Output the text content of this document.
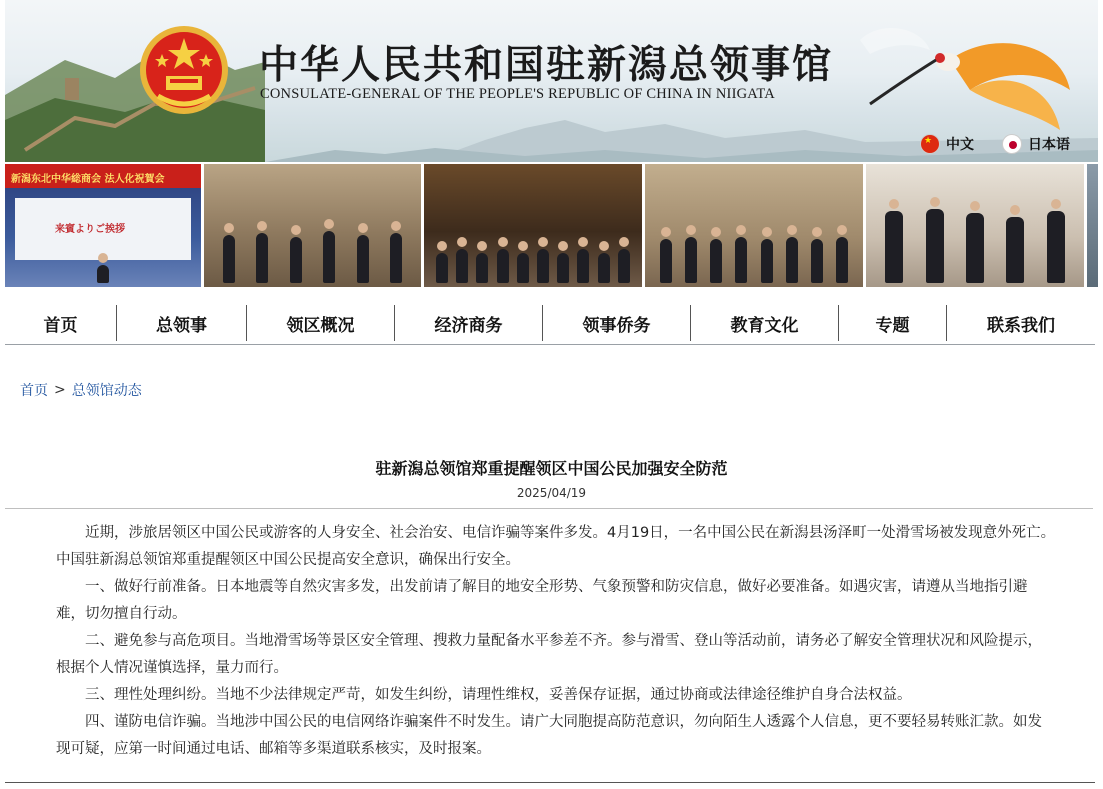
中华人民共和国驻新潟总领事馆
CONSULATE-GENERAL OF THE PEOPLE'S REPUBLIC OF CHINA IN NIIGATA
★
中文	日本语
新潟东北中华総商会 法人化祝賀会
来賓よりご挨拶
首页	总领事	领区概况	经济商务	领事侨务	教育文化	专题	联系我们
首页 > 总领馆动态
驻新潟总领馆郑重提醒领区中国公民加强安全防范
2025/04/19

近期，涉旅居领区中国公民或游客的人身安全、社会治安、电信诈骗等案件多发。4月19日，一名中国公民在新潟县汤泽町一处滑雪场被发现意外死亡。中国驻新潟总领馆郑重提醒领区中国公民提高安全意识，确保出行安全。

一、做好行前准备。日本地震等自然灾害多发，出发前请了解目的地安全形势、气象预警和防灾信息，做好必要准备。如遇灾害，请遵从当地指引避难，切勿擅自行动。

二、避免参与高危项目。当地滑雪场等景区安全管理、搜救力量配备水平参差不齐。参与滑雪、登山等活动前，请务必了解安全管理状况和风险提示，根据个人情况谨慎选择，量力而行。

三、理性处理纠纷。当地不少法律规定严苛，如发生纠纷，请理性维权，妥善保存证据，通过协商或法律途径维护自身合法权益。

四、谨防电信诈骗。当地涉中国公民的电信网络诈骗案件不时发生。请广大同胞提高防范意识，勿向陌生人透露个人信息，更不要轻易转账汇款。如发现可疑，应第一时间通过电话、邮箱等多渠道联系核实，及时报案。
